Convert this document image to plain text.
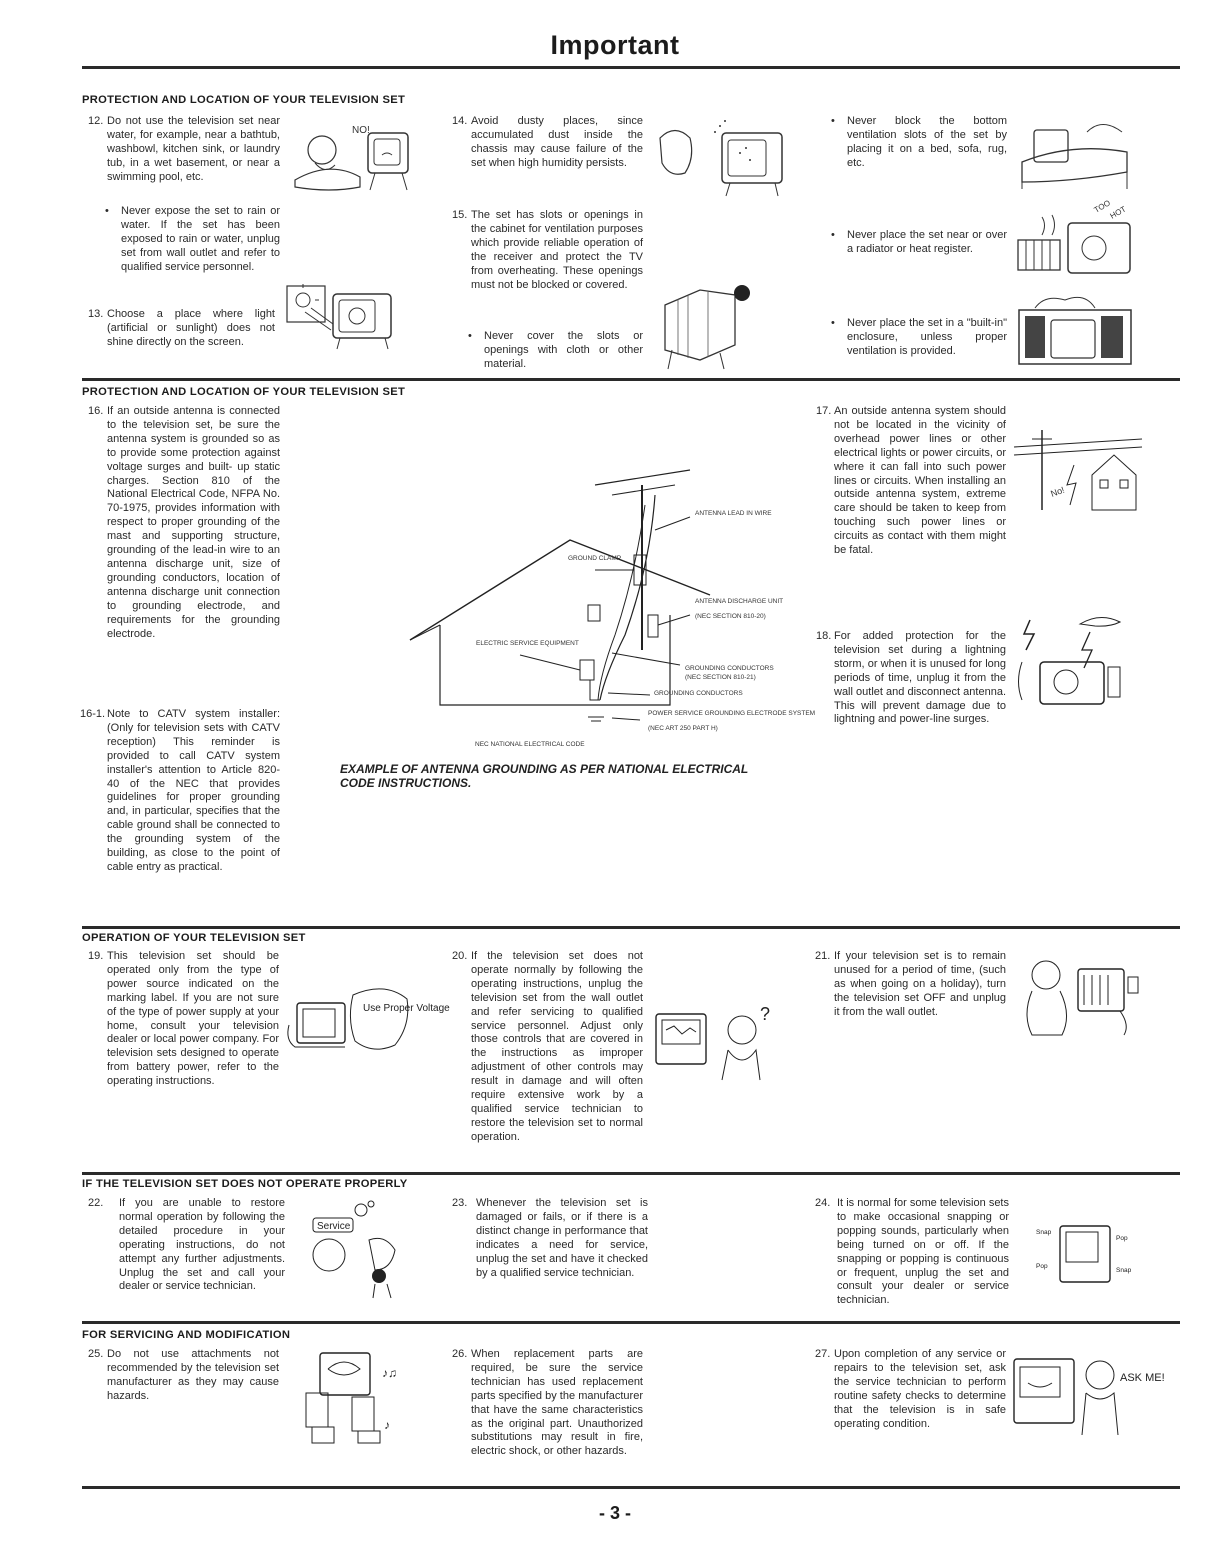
Important
PROTECTION AND LOCATION OF YOUR TELEVISION SET
12. Do not use the television set near water, for example, near a bathtub, washbowl, kitchen sink, or laundry tub, in a wet basement, or near a swimming pool, etc.
• Never expose the set to rain or water. If the set has been exposed to rain or water, unplug set from wall outlet and refer to qualified service personnel.
13. Choose a place where light (artificial or sunlight) does not shine directly on the screen.
NO!
14. Avoid dusty places, since accumulated dust inside the chassis may cause failure of the set when high humidity persists.
15. The set has slots or openings in the cabinet for ventilation purposes which provide reliable operation of the receiver and protect the TV from overheating. These openings must not be blocked or covered.
• Never cover the slots or openings with cloth or other material.
• Never block the bottom ventilation slots of the set by placing it on a bed, sofa, rug, etc.
• Never place the set near or over a radiator or heat register.
• Never place the set in a "built-in" enclosure, unless proper ventilation is provided.
TOO
HOT
PROTECTION AND LOCATION OF YOUR TELEVISION SET
16. If an outside antenna is connected to the television set, be sure the antenna system is grounded so as to provide some protection against voltage surges and built- up static charges. Section 810 of the National Electrical Code, NFPA No. 70-1975, provides information with respect to proper grounding of the mast and supporting structure, grounding of the lead-in wire to an antenna discharge unit, size of grounding conductors, location of antenna discharge unit connection to grounding electrode, and requirements for the grounding electrode.
16-1. Note to CATV system installer: (Only for television sets with CATV reception) This reminder is provided to call CATV system installer's attention to Article 820-40 of the NEC that provides guidelines for proper grounding and, in particular, specifies that the cable ground shall be connected to the grounding system of the building, as close to the point of cable entry as practical.
ANTENNA LEAD IN WIRE
GROUND CLAMP
ANTENNA DISCHARGE UNIT
(NEC SECTION 810-20)
ELECTRIC SERVICE EQUIPMENT
GROUNDING CONDUCTORS
(NEC SECTION 810-21)
GROUNDING CONDUCTORS
POWER SERVICE GROUNDING ELECTRODE SYSTEM
(NEC ART 250 PART H)
NEC NATIONAL ELECTRICAL CODE
EXAMPLE OF ANTENNA GROUNDING AS PER NATIONAL ELECTRICAL CODE INSTRUCTIONS.
17. An outside antenna system should not be located in the vicinity of overhead power lines or other electrical lights or power circuits, or where it can fall into such power lines or circuits. When installing an outside antenna system, extreme care should be taken to keep from touching such power lines or circuits as contact with them might be fatal.
18. For added protection for the television set during a lightning storm, or when it is unused for long periods of time, unplug it from the wall outlet and disconnect antenna. This will prevent damage due to lightning and power-line surges.
No!
OPERATION OF YOUR TELEVISION SET
19. This television set should be operated only from the type of power source indicated on the marking label. If you are not sure of the type of power supply at your home, consult your television dealer or local power company. For television sets designed to operate from battery power, refer to the operating instructions.
Use Proper Voltage
20. If the television set does not operate normally by following the operating instructions, unplug the television set from the wall outlet and refer servicing to qualified service personnel. Adjust only those controls that are covered in the instructions as improper adjustment of other controls may result in damage and will often require extensive work by a qualified service technician to restore the television set to normal operation.
?
21. If your television set is to remain unused for a period of time, (such as when going on a holiday), turn the television set OFF and unplug it from the wall outlet.
IF THE TELEVISION SET DOES NOT OPERATE PROPERLY
22. If you are unable to restore normal operation by following the detailed procedure in your operating instructions, do not attempt any further adjustments. Unplug the set and call your dealer or service technician.
Service
23. Whenever the television set is damaged or fails, or if there is a distinct change in performance that indicates a need for service, unplug the set and have it checked by a qualified service technician.
24. It is normal for some television sets to make occasional snapping or popping sounds, particularly when being turned on or off. If the snapping or popping is continuous or frequent, unplug the set and consult your dealer or service technician.
Snap
Pop
Pop
Snap
FOR SERVICING AND MODIFICATION
25. Do not use attachments not recommended by the television set manufacturer as they may cause hazards.
♪♫
♪
26. When replacement parts are required, be sure the service technician has used replacement parts specified by the manufacturer that have the same characteristics as the original part. Unauthorized substitutions may result in fire, electric shock, or other hazards.
27. Upon completion of any service or repairs to the television set, ask the service technician to perform routine safety checks to determine that the television is in safe operating condition.
ASK ME!
- 3 -
